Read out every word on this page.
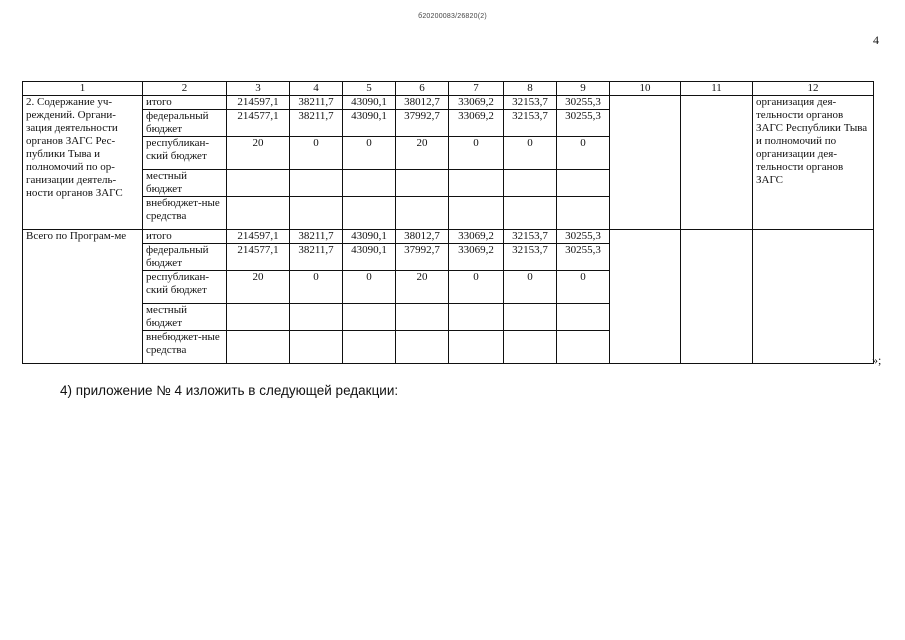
б20200083/26820(2)
4
1	2	3	4	5	6	7	8	9	10	11	12
2. Содержание уч-реждений. Органи-зация деятельности органов ЗАГС Рес-публики Тыва и полномочий по ор-ганизации деятель-ности органов ЗАГС	итого	214597,1	38211,7	43090,1	38012,7	33069,2	32153,7	30255,3			организация дея-тельности органов ЗАГС Республики Тыва и полномочий по организации дея-тельности органов ЗАГС
	федеральный бюджет	214577,1	38211,7	43090,1	37992,7	33069,2	32153,7	30255,3			
	республикан-ский бюджет	20	0	0	20	0	0	0			
	местный бюджет										
	внебюджет-ные средства										
Всего по Програм-ме	итого	214597,1	38211,7	43090,1	38012,7	33069,2	32153,7	30255,3			
	федеральный бюджет	214577,1	38211,7	43090,1	37992,7	33069,2	32153,7	30255,3			
	республикан-ский бюджет	20	0	0	20	0	0	0			
	местный бюджет										
	внебюджет-ные средства										
»;
4) приложение № 4 изложить в следующей редакции:
